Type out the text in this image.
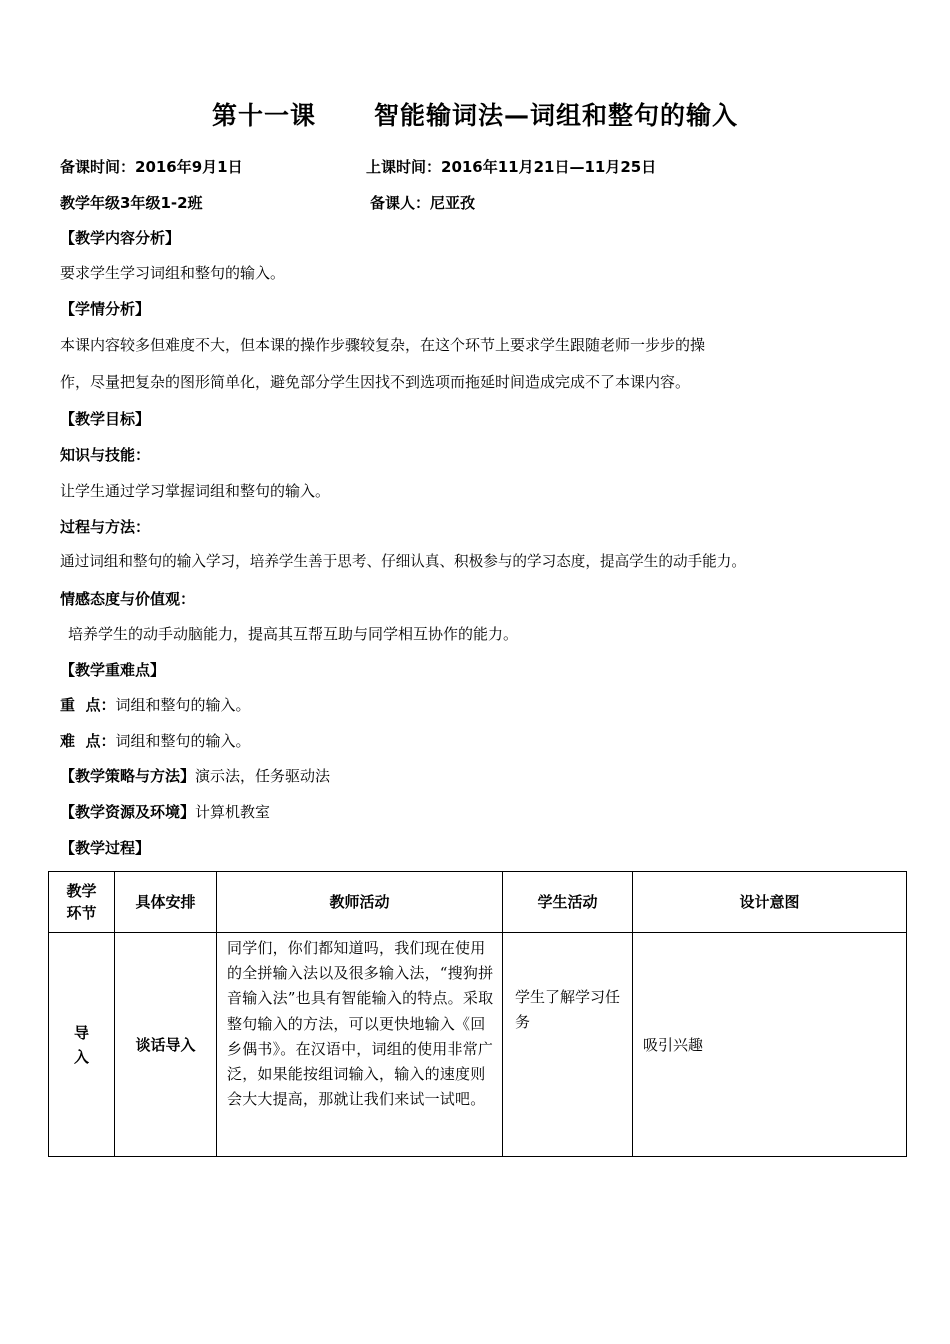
第十一课 智能输词法—词组和整句的输入
备课时间：2016年9月1日	上课时间：2016年11月21日—11月25日
教学年级3年级1-2班	备课人：尼亚孜
【教学内容分析】
要求学生学习词组和整句的输入。
【学情分析】
本课内容较多但难度不大，但本课的操作步骤较复杂，在这个环节上要求学生跟随老师一步步的操
作，尽量把复杂的图形简单化，避免部分学生因找不到选项而拖延时间造成完成不了本课内容。
【教学目标】
知识与技能：
让学生通过学习掌握词组和整句的输入。
过程与方法：
通过词组和整句的输入学习，培养学生善于思考、仔细认真、积极参与的学习态度，提高学生的动手能力。
情感态度与价值观：
培养学生的动手动脑能力，提高其互帮互助与同学相互协作的能力。
【教学重难点】
重  点：词组和整句的输入。
难  点：词组和整句的输入。
【教学策略与方法】演示法，任务驱动法
【教学资源及环境】计算机教室
【教学过程】
教学
环节	具体安排	教师活动	学生活动	设计意图
导
入	谈话导入	同学们，你们都知道吗，我们现在使用的全拼输入法以及很多输入法，“搜狗拼音输入法”也具有智能输入的特点。采取整句输入的方法，可以更快地输入《回乡偶书》。在汉语中，词组的使用非常广泛，如果能按组词输入，输入的速度则会大大提高，那就让我们来试一试吧。	学生了解学习任务	吸引兴趣
